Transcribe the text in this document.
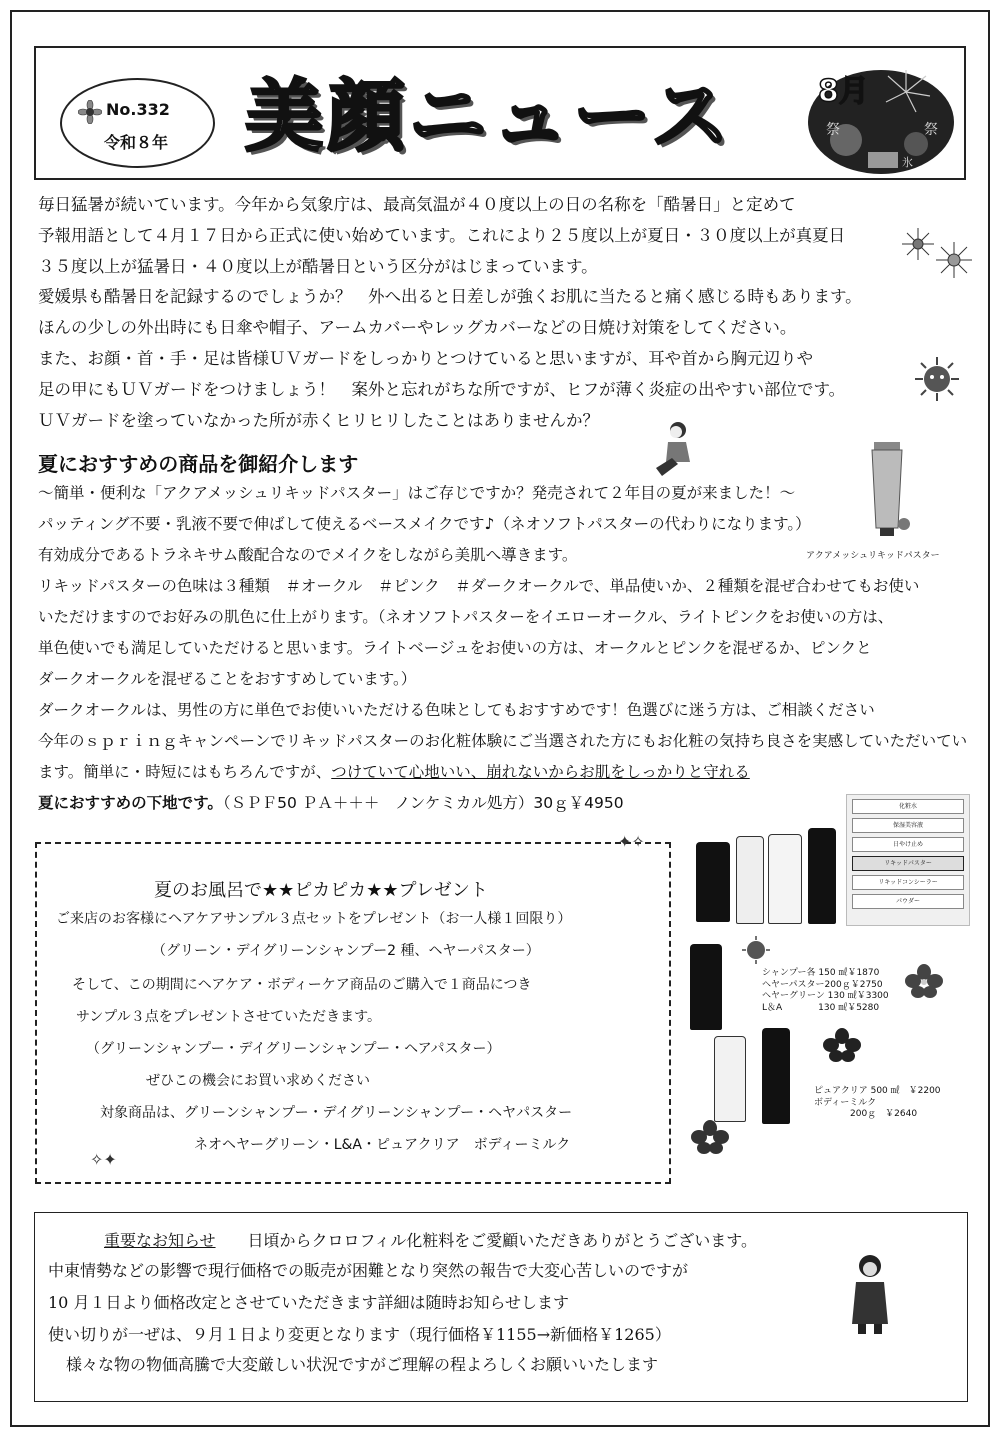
No.332
令和８年 美顔ニュース	祭	祭
氷
8月
毎日猛暑が続いています。今年から気象庁は、最高気温が４０度以上の日の名称を「酷暑日」と定めて
予報用語として４月１７日から正式に使い始めています。これにより２５度以上が夏日・３０度以上が真夏日
３５度以上が猛暑日・４０度以上が酷暑日という区分がはじまっています。
愛媛県も酷暑日を記録するのでしょうか？　外へ出ると日差しが強くお肌に当たると痛く感じる時もあります。
ほんの少しの外出時にも日傘や帽子、アームカバーやレッグカバーなどの日焼け対策をしてください。
また、お顔・首・手・足は皆様ＵＶガードをしっかりとつけていると思いますが、耳や首から胸元辺りや
足の甲にもＵＶガードをつけましょう！　案外と忘れがちな所ですが、ヒフが薄く炎症の出やすい部位です。
ＵＶガードを塗っていなかった所が赤くヒリヒリしたことはありませんか？
夏におすすめの商品を御紹介します
～簡単・便利な「アクアメッシュリキッドパスター」はご存じですか？発売されて２年目の夏が来ました！～
パッティング不要・乳液不要で伸ばして使えるベースメイクです♪（ネオソフトパスターの代わりになります。）
有効成分であるトラネキサム酸配合なのでメイクをしながら美肌へ導きます。
リキッドパスターの色味は３種類　＃オークル　＃ピンク　＃ダークオークルで、単品使いか、２種類を混ぜ合わせてもお使い
いただけますのでお好みの肌色に仕上がります。（ネオソフトパスターをイエローオークル、ライトピンクをお使いの方は、
単色使いでも満足していただけると思います。ライトベージュをお使いの方は、オークルとピンクを混ぜるか、ピンクと
ダークオークルを混ぜることをおすすめしています。）
ダークオークルは、男性の方に単色でお使いいただける色味としてもおすすめです！色選びに迷う方は、ご相談ください
今年のｓｐｒｉｎｇキャンペーンでリキッドパスターのお化粧体験にご当選された方にもお化粧の気持ち良さを実感していただいてい
ます。簡単に・時短にはもちろんですが、つけていて心地いい、崩れないからお肌をしっかりと守れる
夏におすすめの下地です。（ＳＰＦ50 ＰＡ＋＋＋　ノンケミカル処方）30ｇ￥4950
アクアメッシュリキッドパスター
化粧水
保湿美容液
日やけ止め
リキッドパスター
リキッドコンシーラー
パウダー
シャンプー各 150 ㎖￥1870
ヘヤーパスター200ｇ￥2750
ヘヤーグリーン 130 ㎖￥3300
L＆A　　　　130 ㎖￥5280
ピュアクリア 500 ㎖　￥2200
ボディーミルク
　　　　200ｇ　￥2640
✦✧
✧✦
夏のお風呂で★★ピカピカ★★プレゼント
ご来店のお客様にヘアケアサンプル３点セットをプレゼント（お一人様１回限り）
（グリーン・デイグリーンシャンプー2 種、ヘヤーパスター）
そして、この期間にヘアケア・ボディーケア商品のご購入で１商品につき
サンプル３点をプレゼントさせていただきます。
（グリーンシャンプー・デイグリーンシャンプー・ヘアパスター）
ぜひこの機会にお買い求めください
対象商品は、グリーンシャンプー・デイグリーンシャンプー・ヘヤパスター
ネオヘヤーグリーン・L&A・ピュアクリア　ボディーミルク
重要なお知らせ　　 日頃からクロロフィル化粧料をご愛顧いただきありがとうございます。
中東情勢などの影響で現行価格での販売が困難となり突然の報告で大変心苦しいのですが
10 月１日より価格改定とさせていただきます詳細は随時お知らせします
使い切りが一ぜは、９月１日より変更となります（現行価格￥1155→新価格￥1265）
様々な物の物価高騰で大変厳しい状況ですがご理解の程よろしくお願いいたします
